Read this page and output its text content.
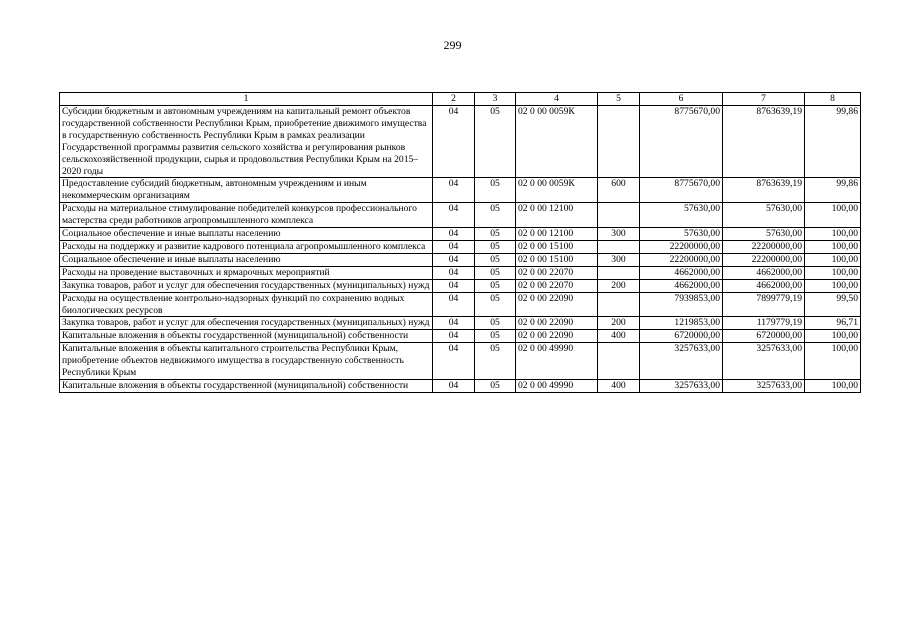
299
1	2	3	4	5	6	7	8
Субсидии бюджетным и автономным учреждениям на капитальный ремонт объектов государственной собственности Республики Крым, приобретение движимого имущества в государственную собственность Республики Крым в рамках реализации Государственной программы развития сельского хозяйства и регулирования рынков сельскохозяйственной продукции, сырья и продовольствия Республики Крым на 2015–2020 годы	04	05	02 0 00 0059К		8775670,00	8763639,19	99,86
Предоставление субсидий бюджетным, автономным учреждениям и иным некоммерческим организациям	04	05	02 0 00 0059К	600	8775670,00	8763639,19	99,86
Расходы на материальное стимулирование победителей конкурсов профессионального мастерства среди работников агропромышленного комплекса	04	05	02 0 00 12100		57630,00	57630,00	100,00
Социальное обеспечение и иные выплаты населению	04	05	02 0 00 12100	300	57630,00	57630,00	100,00
Расходы на поддержку и развитие кадрового потенциала агропромышленного комплекса	04	05	02 0 00 15100		22200000,00	22200000,00	100,00
Социальное обеспечение и иные выплаты населению	04	05	02 0 00 15100	300	22200000,00	22200000,00	100,00
Расходы на проведение выставочных и ярмарочных мероприятий	04	05	02 0 00 22070		4662000,00	4662000,00	100,00
Закупка товаров, работ и услуг для обеспечения государственных (муниципальных) нужд	04	05	02 0 00 22070	200	4662000,00	4662000,00	100,00
Расходы на осуществление контрольно-надзорных функций по сохранению водных биологических ресурсов	04	05	02 0 00 22090		7939853,00	7899779,19	99,50
Закупка товаров, работ и услуг для обеспечения государственных (муниципальных) нужд	04	05	02 0 00 22090	200	1219853,00	1179779,19	96,71
Капитальные вложения в объекты государственной (муниципальной) собственности	04	05	02 0 00 22090	400	6720000,00	6720000,00	100,00
Капитальные вложения в объекты капитального строительства Республики Крым, приобретение объектов недвижимого имущества в государственную собственность Республики Крым	04	05	02 0 00 49990		3257633,00	3257633,00	100,00
Капитальные вложения в объекты государственной (муниципальной) собственности	04	05	02 0 00 49990	400	3257633,00	3257633,00	100,00
